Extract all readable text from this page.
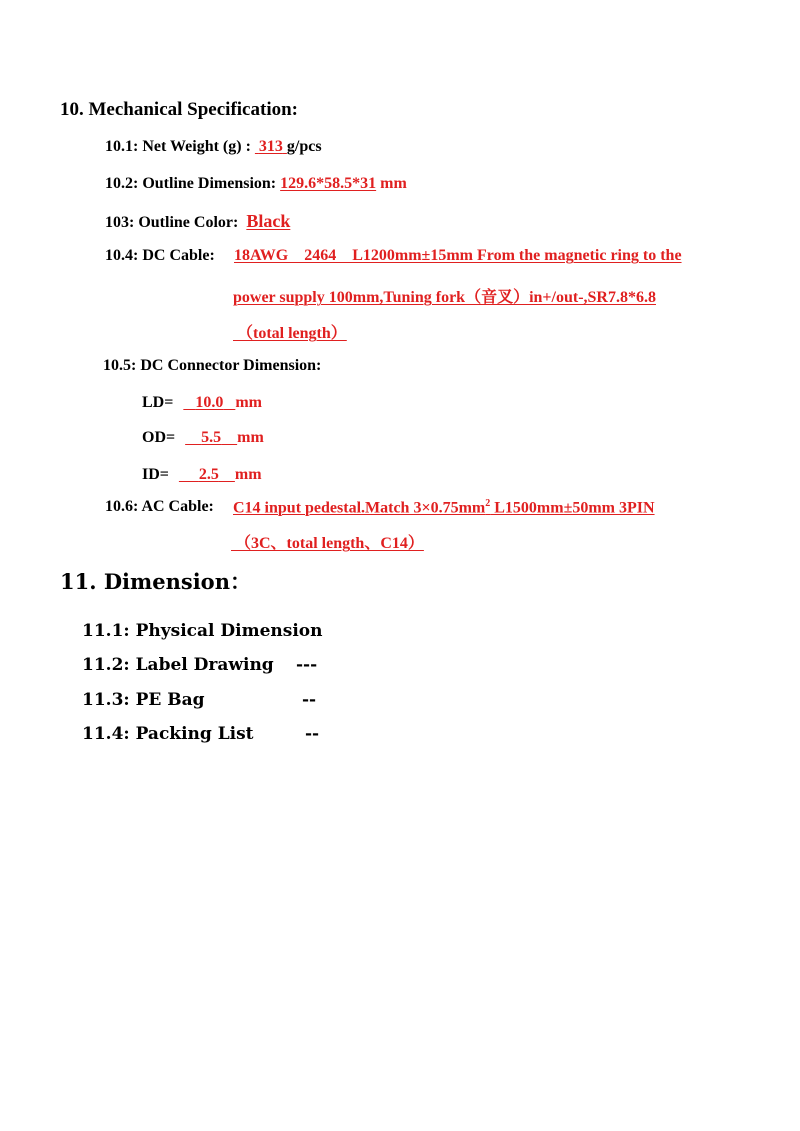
10. Mechanical Specification:
10.1: Net Weight (g) : 313 g/pcs
10.2: Outline Dimension: 129.6*58.5*31 mm
103: Outline Color: Black
10.4: DC Cable: 18AWG    2464    L1200mm±15mm From the magnetic ring to the
power supply 100mm,Tuning fork（音叉）in+/out-,SR7.8*6.8
（total length）
10.5: DC Connector Dimension:
LD= 10.0 mm
OD= 5.5 mm
ID= 2.5 mm
10.6: AC Cable: C14 input pedestal.Match $3\times 0.75mm^2$ L1500mm±50mm 3PIN
（3C、total length、C14）
11. Dimension：
11.1: Physical Dimension
11.2: Label Drawing ---
11.3: PE Bag	--
11.4: Packing List	--
